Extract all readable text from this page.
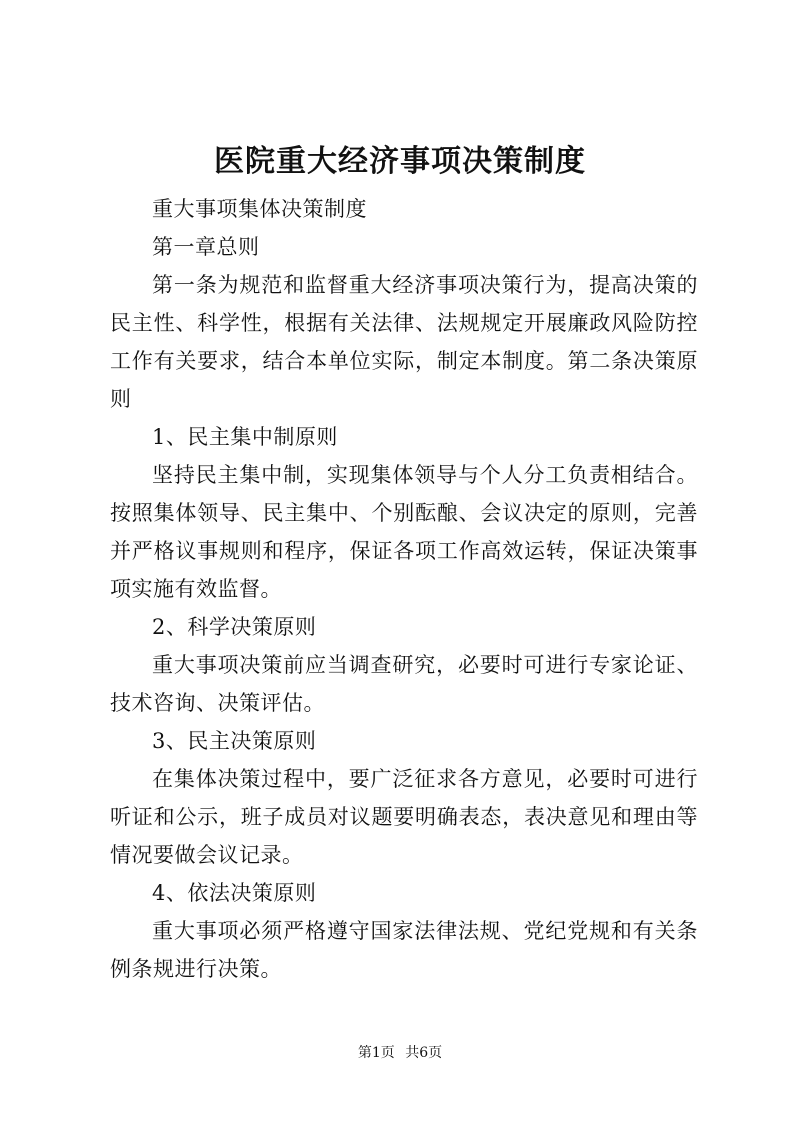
医院重大经济事项决策制度

重大事项集体决策制度

第一章总则

第一条为规范和监督重大经济事项决策行为，提高决策的民主性、科学性，根据有关法律、法规规定开展廉政风险防控工作有关要求，结合本单位实际，制定本制度。第二条决策原则

1、民主集中制原则

坚持民主集中制，实现集体领导与个人分工负责相结合。按照集体领导、民主集中、个别酝酿、会议决定的原则，完善并严格议事规则和程序，保证各项工作高效运转，保证决策事项实施有效监督。

2、科学决策原则

重大事项决策前应当调查研究，必要时可进行专家论证、技术咨询、决策评估。

3、民主决策原则

在集体决策过程中，要广泛征求各方意见，必要时可进行听证和公示，班子成员对议题要明确表态，表决意见和理由等情况要做会议记录。

4、依法决策原则

重大事项必须严格遵守国家法律法规、党纪党规和有关条例条规进行决策。

第1页 共6页
